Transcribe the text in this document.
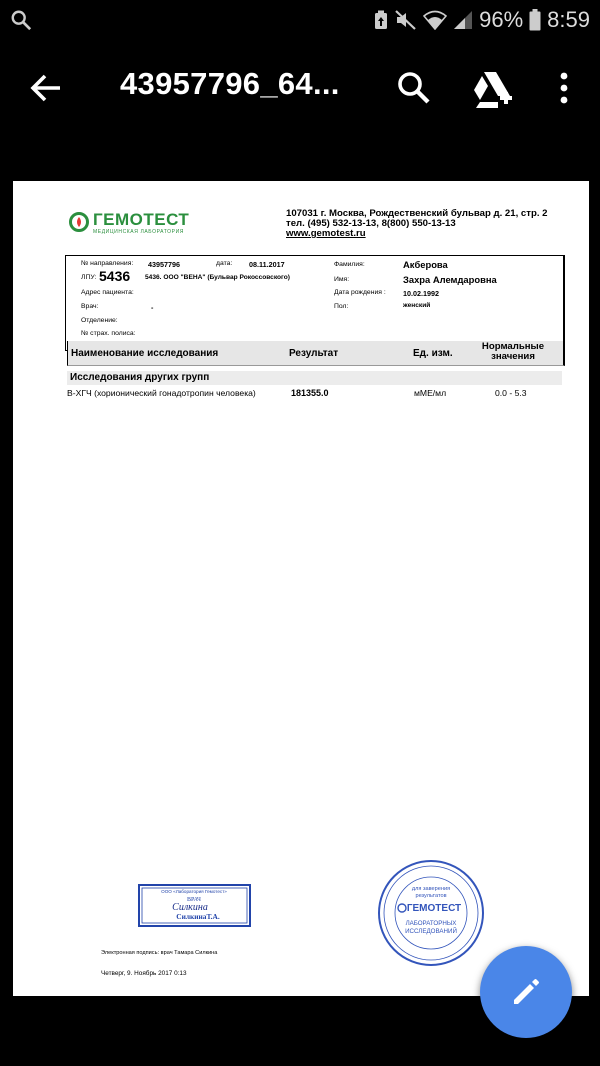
96% 8:59
43957796_64...
ГЕМОТЕСТ
МЕДИЦИНСКАЯ ЛАБОРАТОРИЯ
107031 г. Москва, Рождественский бульвар д. 21, стр. 2
тел. (495) 532-13-13, 8(800) 550-13-13
www.gemotest.ru
№ направления: 43957796	дата: 08.11.2017
ЛПУ: 5436 5436. ООО "ВЕНА" (Бульвар Рокоссовского)
Адрес пациента:
Врач:	-
Отделение:
№ страх. полиса:
Фамилия:	Акберова
Имя:	Захра Алемдаровна
Дата рождения : 10.02.1992
Пол:	женский
Наименование исследования	Результат	Ед. изм.
Нормальные
значения
Исследования других групп
В-ХГЧ (хорионический гонадотропин человека)	181355.0	мМЕ/мл	0.0 - 5.3
ООО «Лаборатория Гемотест»
ВРАЧ
Силкина
СилкинаТ.А.
для заверения
результатов
ГЕМОТЕСТ
ЛАБОРАТОРНЫХ
ИССЛЕДОВАНИЙ
Электронная подпись: врач Тамара Силкина
Четверг, 9. Ноябрь 2017 0:13
